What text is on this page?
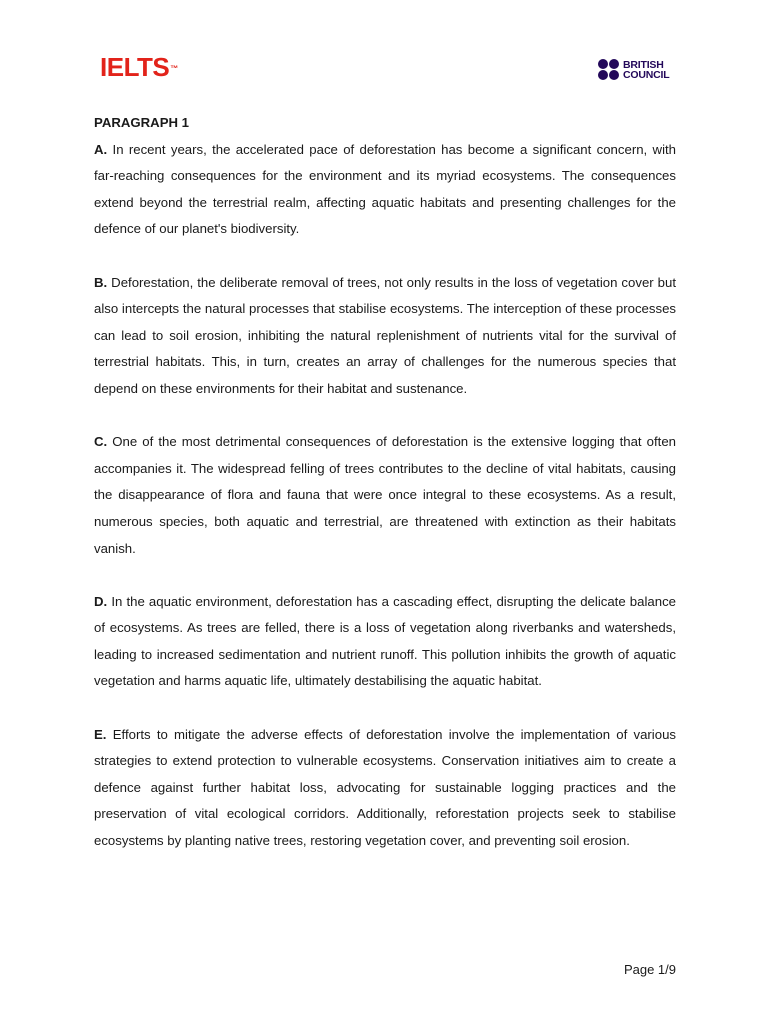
IELTS™	BRITISH
COUNCIL

PARAGRAPH 1

A. In recent years, the accelerated pace of deforestation has become a significant concern, with far-reaching consequences for the environment and its myriad ecosystems. The consequences extend beyond the terrestrial realm, affecting aquatic habitats and presenting challenges for the defence of our planet's biodiversity.

B. Deforestation, the deliberate removal of trees, not only results in the loss of vegetation cover but also intercepts the natural processes that stabilise ecosystems. The interception of these processes can lead to soil erosion, inhibiting the natural replenishment of nutrients vital for the survival of terrestrial habitats. This, in turn, creates an array of challenges for the numerous species that depend on these environments for their habitat and sustenance.

C. One of the most detrimental consequences of deforestation is the extensive logging that often accompanies it. The widespread felling of trees contributes to the decline of vital habitats, causing the disappearance of flora and fauna that were once integral to these ecosystems. As a result, numerous species, both aquatic and terrestrial, are threatened with extinction as their habitats vanish.

D. In the aquatic environment, deforestation has a cascading effect, disrupting the delicate balance of ecosystems. As trees are felled, there is a loss of vegetation along riverbanks and watersheds, leading to increased sedimentation and nutrient runoff. This pollution inhibits the growth of aquatic vegetation and harms aquatic life, ultimately destabilising the aquatic habitat.

E. Efforts to mitigate the adverse effects of deforestation involve the implementation of various strategies to extend protection to vulnerable ecosystems. Conservation initiatives aim to create a defence against further habitat loss, advocating for sustainable logging practices and the preservation of vital ecological corridors. Additionally, reforestation projects seek to stabilise ecosystems by planting native trees, restoring vegetation cover, and preventing soil erosion.

Page 1/9
